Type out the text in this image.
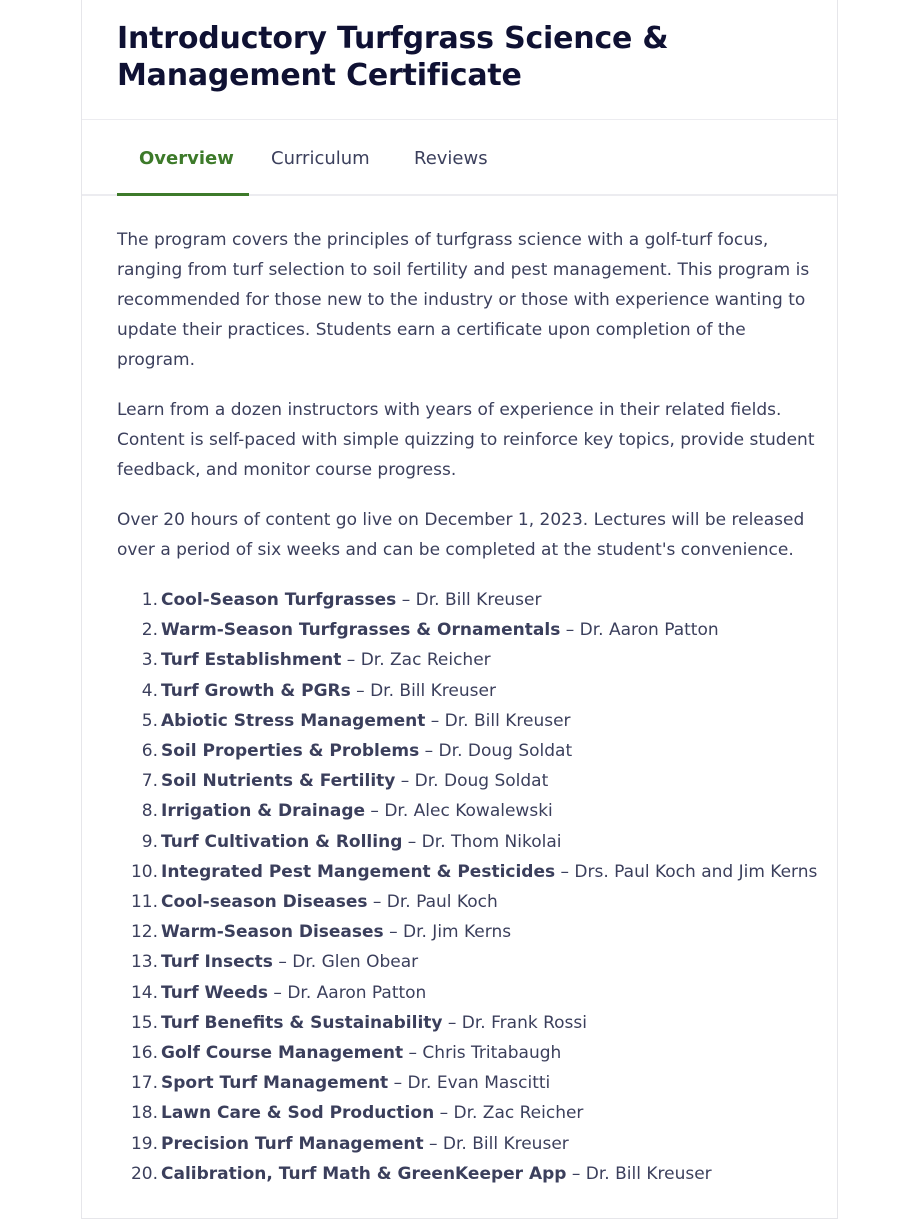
Introductory Turfgrass Science & Management Certificate
Overview Curriculum Reviews

The program covers the principles of turfgrass science with a golf-turf focus, ranging from turf selection to soil fertility and pest management. This program is recommended for those new to the industry or those with experience wanting to update their practices. Students earn a certificate upon completion of the program.

Learn from a dozen instructors with years of experience in their related fields. Content is self-paced with simple quizzing to reinforce key topics, provide student feedback, and monitor course progress.

Over 20 hours of content go live on December 1, 2023. Lectures will be released over a period of six weeks and can be completed at the student's convenience.

1. Cool-Season Turfgrasses – Dr. Bill Kreuser
2. Warm-Season Turfgrasses & Ornamentals – Dr. Aaron Patton
3. Turf Establishment – Dr. Zac Reicher
4. Turf Growth & PGRs – Dr. Bill Kreuser
5. Abiotic Stress Management – Dr. Bill Kreuser
6. Soil Properties & Problems – Dr. Doug Soldat
7. Soil Nutrients & Fertility – Dr. Doug Soldat
8. Irrigation & Drainage – Dr. Alec Kowalewski
9. Turf Cultivation & Rolling – Dr. Thom Nikolai
10. Integrated Pest Mangement & Pesticides – Drs. Paul Koch and Jim Kerns
11. Cool-season Diseases – Dr. Paul Koch
12. Warm-Season Diseases – Dr. Jim Kerns
13. Turf Insects – Dr. Glen Obear
14. Turf Weeds – Dr. Aaron Patton
15. Turf Benefits & Sustainability – Dr. Frank Rossi
16. Golf Course Management – Chris Tritabaugh
17. Sport Turf Management – Dr. Evan Mascitti
18. Lawn Care & Sod Production – Dr. Zac Reicher
19. Precision Turf Management – Dr. Bill Kreuser
20. Calibration, Turf Math & GreenKeeper App – Dr. Bill Kreuser
